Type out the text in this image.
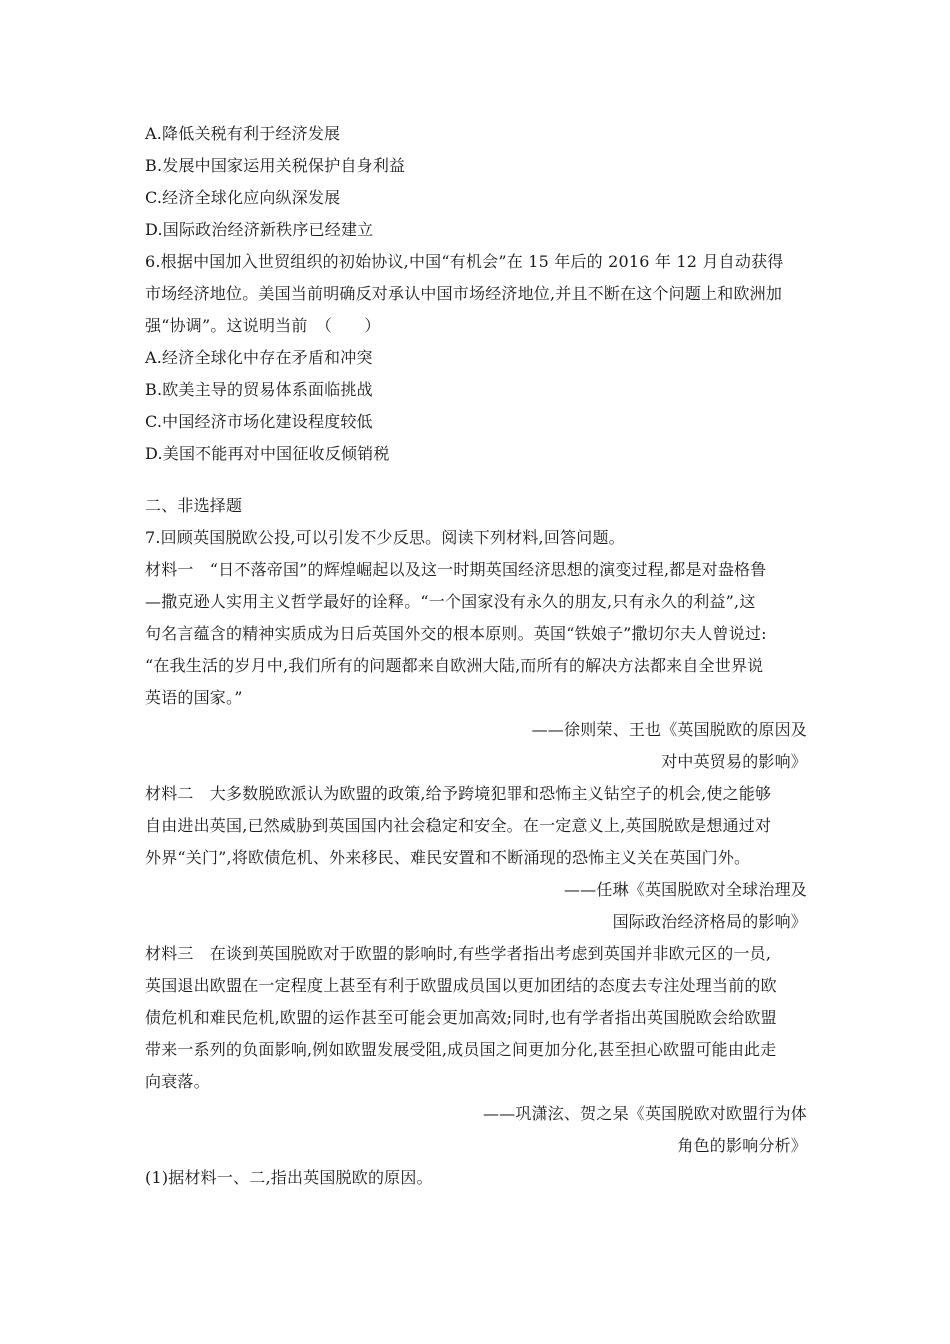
A.降低关税有利于经济发展
B.发展中国家运用关税保护自身利益
C.经济全球化应向纵深发展
D.国际政治经济新秩序已经建立
6.根据中国加入世贸组织的初始协议,中国“有机会”在 15 年后的 2016 年 12 月自动获得
市场经济地位。美国当前明确反对承认中国市场经济地位,并且不断在这个问题上和欧洲加
强“协调”。这说明当前　（　　）
A.经济全球化中存在矛盾和冲突
B.欧美主导的贸易体系面临挑战
C.中国经济市场化建设程度较低
D.美国不能再对中国征收反倾销税
二、非选择题
7.回顾英国脱欧公投,可以引发不少反思。阅读下列材料,回答问题。
材料一　“日不落帝国”的辉煌崛起以及这一时期英国经济思想的演变过程,都是对盎格鲁
—撒克逊人实用主义哲学最好的诠释。“一个国家没有永久的朋友,只有永久的利益”,这
句名言蕴含的精神实质成为日后英国外交的根本原则。英国“铁娘子”撒切尔夫人曾说过:
“在我生活的岁月中,我们所有的问题都来自欧洲大陆,而所有的解决方法都来自全世界说
英语的国家。”
——徐则荣、王也《英国脱欧的原因及
对中英贸易的影响》
材料二　大多数脱欧派认为欧盟的政策,给予跨境犯罪和恐怖主义钻空子的机会,使之能够
自由进出英国,已然威胁到英国国内社会稳定和安全。在一定意义上,英国脱欧是想通过对
外界“关门”,将欧债危机、外来移民、难民安置和不断涌现的恐怖主义关在英国门外。
——任琳《英国脱欧对全球治理及
国际政治经济格局的影响》
材料三　在谈到英国脱欧对于欧盟的影响时,有些学者指出考虑到英国并非欧元区的一员,
英国退出欧盟在一定程度上甚至有利于欧盟成员国以更加团结的态度去专注处理当前的欧
债危机和难民危机,欧盟的运作甚至可能会更加高效;同时,也有学者指出英国脱欧会给欧盟
带来一系列的负面影响,例如欧盟发展受阻,成员国之间更加分化,甚至担心欧盟可能由此走
向衰落。
——巩潇泫、贺之杲《英国脱欧对欧盟行为体
角色的影响分析》
(1)据材料一、二,指出英国脱欧的原因。
